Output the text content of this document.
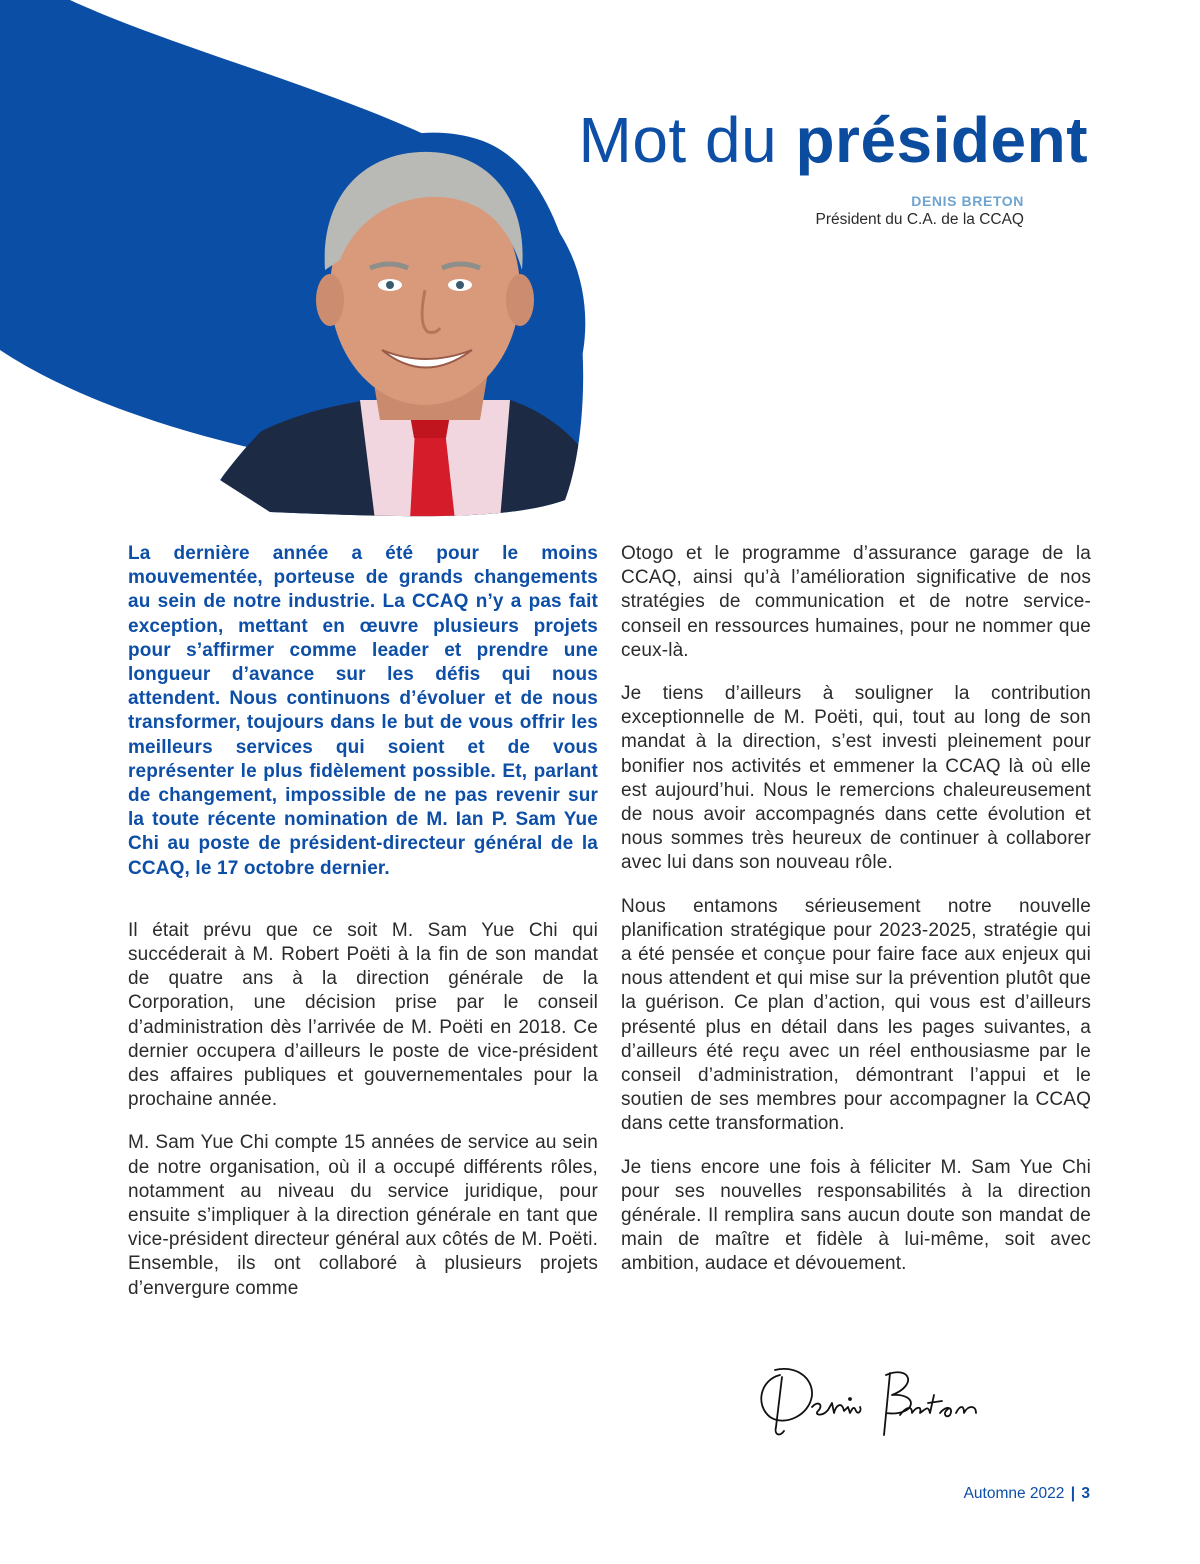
Mot du président
DENIS BRETON
Président du C.A. de la CCAQ

La dernière année a été pour le moins mouvementée, porteuse de grands changements au sein de notre industrie. La CCAQ n’y a pas fait exception, mettant en œuvre plusieurs projets pour s’affirmer comme leader et prendre une longueur d’avance sur les défis qui nous attendent. Nous continuons d’évoluer et de nous transformer, toujours dans le but de vous offrir les meilleurs services qui soient et de vous représenter le plus fidèlement possible. Et, parlant de changement, impossible de ne pas revenir sur la toute récente nomination de M. Ian P. Sam Yue Chi au poste de président-directeur général de la CCAQ, le 17 octobre dernier.

Il était prévu que ce soit M. Sam Yue Chi qui succéderait à M. Robert Poëti à la fin de son mandat de quatre ans à la direction générale de la Corporation, une décision prise par le conseil d’administration dès l’arrivée de M. Poëti en 2018. Ce dernier occupera d’ailleurs le poste de vice-président des affaires publiques et gouvernementales pour la prochaine année.

M. Sam Yue Chi compte 15 années de service au sein de notre organisation, où il a occupé différents rôles, notamment au niveau du service juridique, pour ensuite s’impliquer à la direction générale en tant que vice-président directeur général aux côtés de M. Poëti. Ensemble, ils ont collaboré à plusieurs projets d’envergure comme

Otogo et le programme d’assurance garage de la CCAQ, ainsi qu’à l’amélioration significative de nos stratégies de communication et de notre service-conseil en ressources humaines, pour ne nommer que ceux-là.

Je tiens d’ailleurs à souligner la contribution exceptionnelle de M. Poëti, qui, tout au long de son mandat à la direction, s’est investi pleinement pour bonifier nos activités et emmener la CCAQ là où elle est aujourd’hui. Nous le remercions chaleureusement de nous avoir accompagnés dans cette évolution et nous sommes très heureux de continuer à collaborer avec lui dans son nouveau rôle.

Nous entamons sérieusement notre nouvelle planification stratégique pour 2023-2025, stratégie qui a été pensée et conçue pour faire face aux enjeux qui nous attendent et qui mise sur la prévention plutôt que la guérison. Ce plan d’action, qui vous est d’ailleurs présenté plus en détail dans les pages suivantes, a d’ailleurs été reçu avec un réel enthousiasme par le conseil d’administration, démontrant l’appui et le soutien de ses membres pour accompagner la CCAQ dans cette transformation.

Je tiens encore une fois à féliciter M. Sam Yue Chi pour ses nouvelles responsabilités à la direction générale. Il remplira sans aucun doute son mandat de main de maître et fidèle à lui-même, soit avec ambition, audace et dévouement.

Automne 2022 | 3
